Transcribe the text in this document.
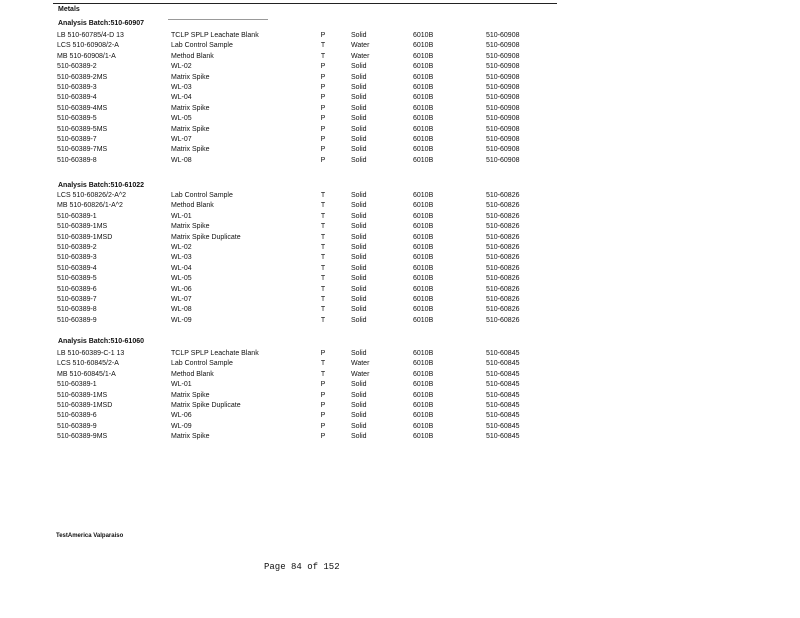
Metals
Analysis Batch:510-60907
LB 510-60785/4-D 13	TCLP SPLP Leachate Blank	P	Solid	6010B	510-60908
LCS 510-60908/2-A	Lab Control Sample	T	Water	6010B	510-60908
MB 510-60908/1-A	Method Blank	T	Water	6010B	510-60908
510-60389-2	WL-02	P	Solid	6010B	510-60908
510-60389-2MS	Matrix Spike	P	Solid	6010B	510-60908
510-60389-3	WL-03	P	Solid	6010B	510-60908
510-60389-4	WL-04	P	Solid	6010B	510-60908
510-60389-4MS	Matrix Spike	P	Solid	6010B	510-60908
510-60389-5	WL-05	P	Solid	6010B	510-60908
510-60389-5MS	Matrix Spike	P	Solid	6010B	510-60908
510-60389-7	WL-07	P	Solid	6010B	510-60908
510-60389-7MS	Matrix Spike	P	Solid	6010B	510-60908
510-60389-8	WL-08	P	Solid	6010B	510-60908
Analysis Batch:510-61022
LCS 510-60826/2-A^2	Lab Control Sample	T	Solid	6010B	510-60826
MB 510-60826/1-A^2	Method Blank	T	Solid	6010B	510-60826
510-60389-1	WL-01	T	Solid	6010B	510-60826
510-60389-1MS	Matrix Spike	T	Solid	6010B	510-60826
510-60389-1MSD	Matrix Spike Duplicate	T	Solid	6010B	510-60826
510-60389-2	WL-02	T	Solid	6010B	510-60826
510-60389-3	WL-03	T	Solid	6010B	510-60826
510-60389-4	WL-04	T	Solid	6010B	510-60826
510-60389-5	WL-05	T	Solid	6010B	510-60826
510-60389-6	WL-06	T	Solid	6010B	510-60826
510-60389-7	WL-07	T	Solid	6010B	510-60826
510-60389-8	WL-08	T	Solid	6010B	510-60826
510-60389-9	WL-09	T	Solid	6010B	510-60826
Analysis Batch:510-61060
LB 510-60389-C-1 13	TCLP SPLP Leachate Blank	P	Solid	6010B	510-60845
LCS 510-60845/2-A	Lab Control Sample	T	Water	6010B	510-60845
MB 510-60845/1-A	Method Blank	T	Water	6010B	510-60845
510-60389-1	WL-01	P	Solid	6010B	510-60845
510-60389-1MS	Matrix Spike	P	Solid	6010B	510-60845
510-60389-1MSD	Matrix Spike Duplicate	P	Solid	6010B	510-60845
510-60389-6	WL-06	P	Solid	6010B	510-60845
510-60389-9	WL-09	P	Solid	6010B	510-60845
510-60389-9MS	Matrix Spike	P	Solid	6010B	510-60845
TestAmerica Valparaiso
Page 84 of 152
